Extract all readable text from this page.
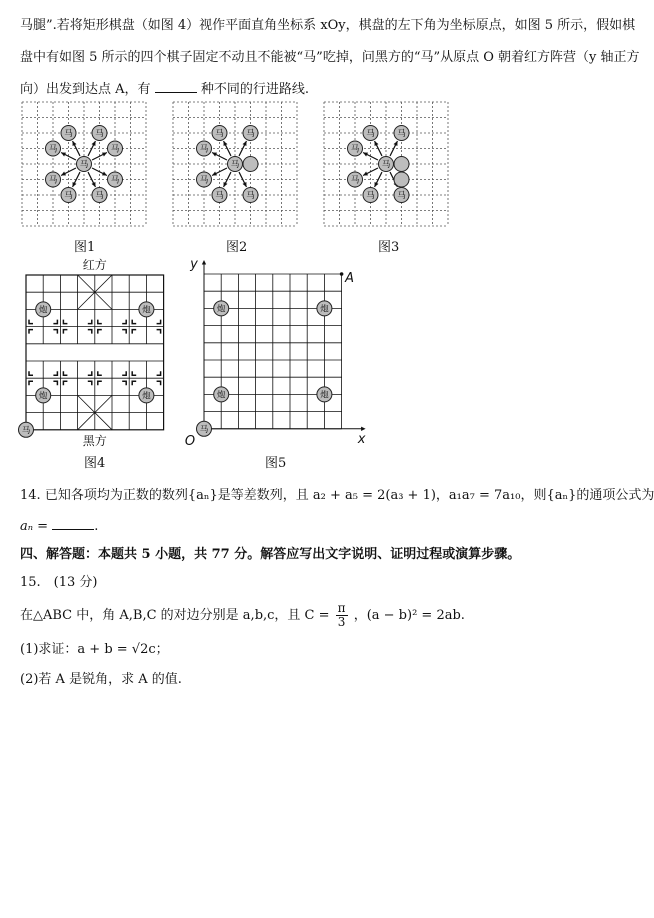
马腿”.若将矩形棋盘（如图 4）视作平面直角坐标系 xOy，棋盘的左下角为坐标原点，如图 5 所示，假如棋
盘中有如图 5 所示的四个棋子固定不动且不能被“马”吃掉，问黑方的“马”从原点 O 朝着红方阵营（y 轴正方
向）出发到达点 A，有	种不同的行进路线.
马	马
马
马
马
马
马
马
马
马	马
马
马
马
马
马
马	马
马
马
马
马
马
图1	图2	图3
红方
炮	炮
炮	炮
马
黑方
y
x
O
A
炮	炮
炮	炮
马
图4	图5
14. 已知各项均为正数的数列{aₙ}是等差数列，且 a₂ + a₅ = 2(a₃ + 1)，a₁a₇ = 7a₁₀，则{aₙ}的通项公式为
aₙ =	.
四、解答题：本题共 5 小题，共 77 分。解答应写出文字说明、证明过程或演算步骤。
15.　(13 分)
在△ABC 中，角 A,B,C 的对边分别是 a,b,c，且 $C = \frac{\pi}{3}$ ，(a − b)² = 2ab.
(1)求证：a + b = √2c；
(2)若 A 是锐角，求 A 的值.
